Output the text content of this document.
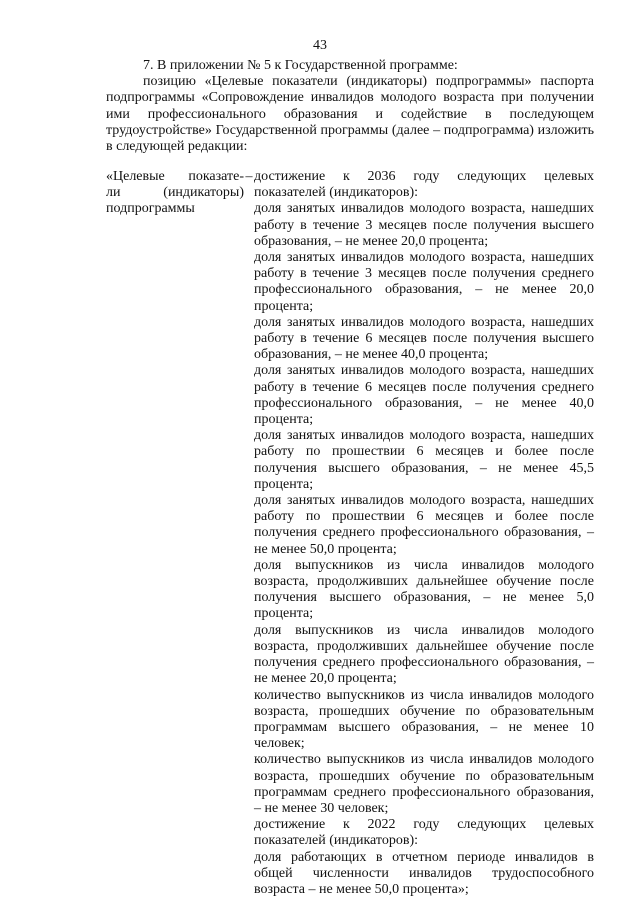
43

7. В приложении № 5 к Государственной программе:

позицию «Целевые показатели (индикаторы) подпрограммы» паспорта подпрограммы «Сопровождение инвалидов молодого возраста при получении ими профессионального образования и содействие в последующем трудоустройстве» Государственной программы (далее – подпрограмма) изложить в следующей редакции:

«Целевые показате-
ли	(индикаторы)
подпрограммы
– достижение к 2036 году следующих целевых показателей (индикаторов):

доля занятых инвалидов молодого возраста, нашедших работу в течение 3 месяцев после получения высшего образования, – не менее 20,0 процента;

доля занятых инвалидов молодого возраста, нашедших работу в течение 3 месяцев после получения среднего профессионального образования, – не менее 20,0 процента;

доля занятых инвалидов молодого возраста, нашедших работу в течение 6 месяцев после получения высшего образования, – не менее 40,0 процента;

доля занятых инвалидов молодого возраста, нашедших работу в течение 6 месяцев после получения среднего профессионального образования, – не менее 40,0 процента;

доля занятых инвалидов молодого возраста, нашедших работу по прошествии 6 месяцев и более после получения высшего образования, – не менее 45,5 процента;

доля занятых инвалидов молодого возраста, нашедших работу по прошествии 6 месяцев и более после получения среднего профессионального образования, – не менее 50,0 процента;

доля выпускников из числа инвалидов молодого возраста, продолживших дальнейшее обучение после получения высшего образования, – не менее 5,0 процента;

доля выпускников из числа инвалидов молодого возраста, продолживших дальнейшее обучение после получения среднего профессионального образования, – не менее 20,0 процента;

количество выпускников из числа инвалидов молодого возраста, прошедших обучение по образовательным программам высшего образования, – не менее 10 человек;

количество выпускников из числа инвалидов молодого возраста, прошедших обучение по образовательным программам среднего профессионального образования, – не менее 30 человек;

достижение к 2022 году следующих целевых показателей (индикаторов):

доля работающих в отчетном периоде инвалидов в общей численности инвалидов трудоспособного возраста – не менее 50,0 процента»;
